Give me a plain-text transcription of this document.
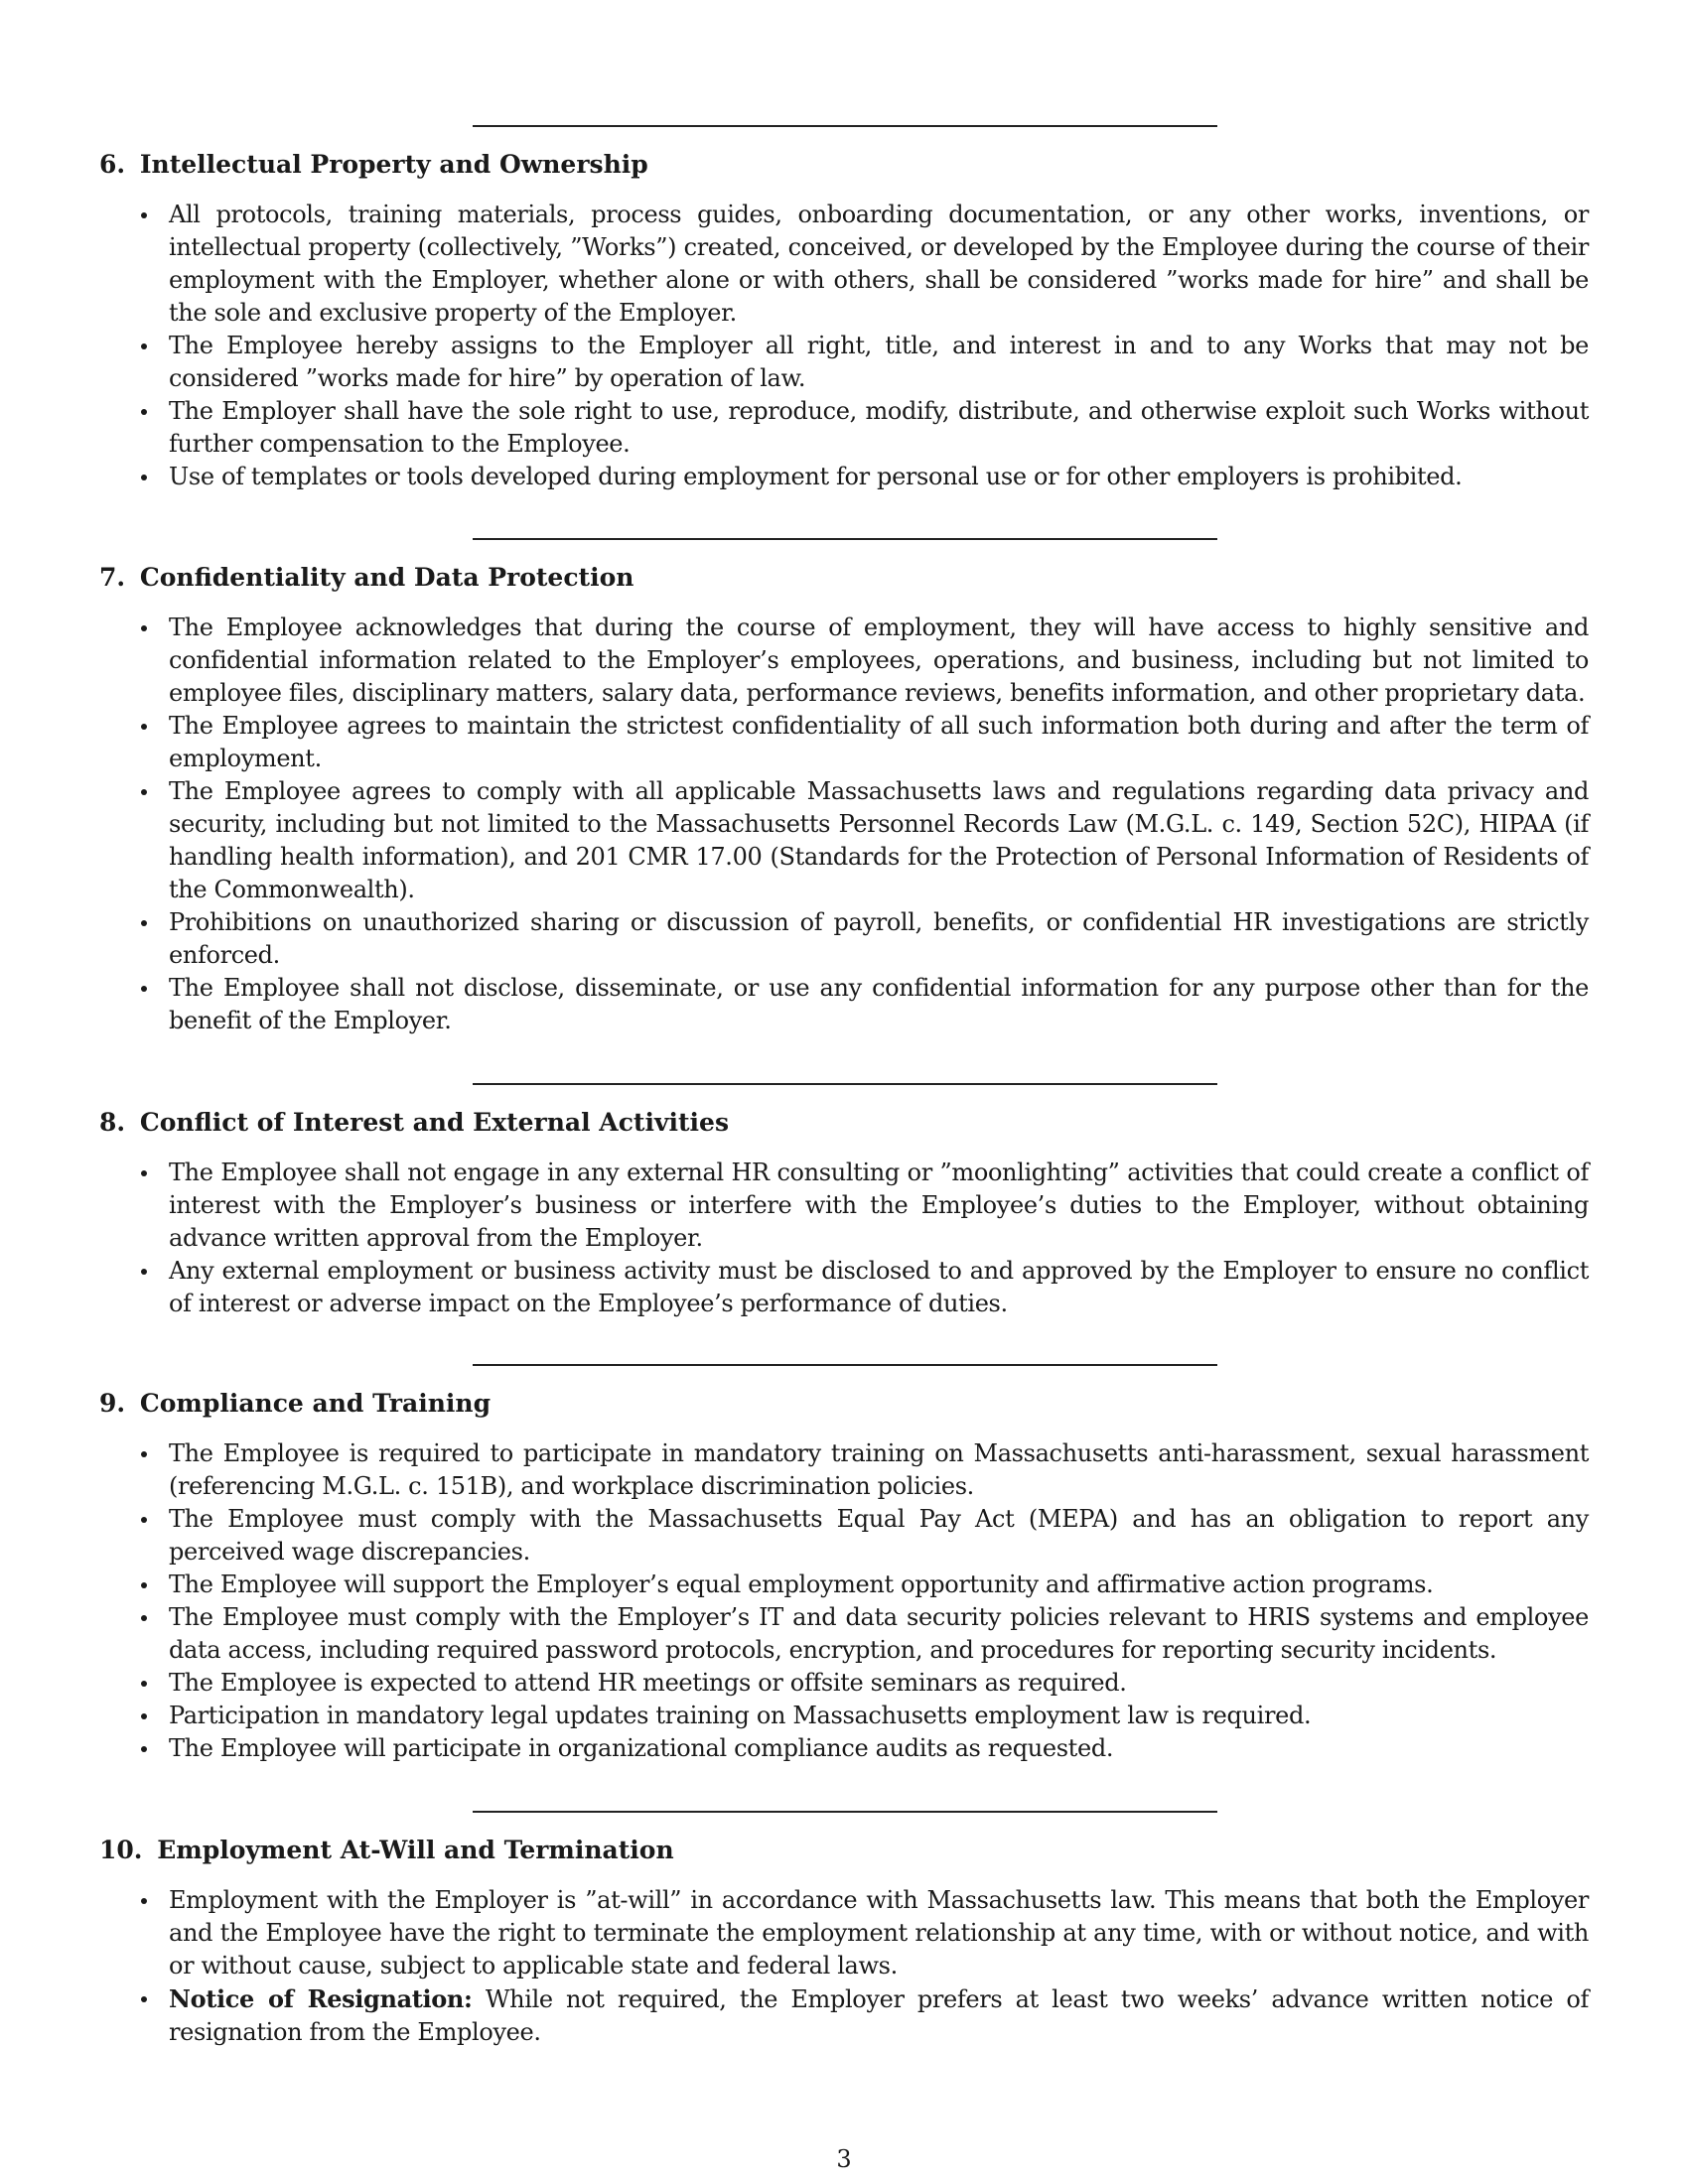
6. Intellectual Property and Ownership
All protocols, training materials, process guides, onboarding documentation, or any other works, inventions, or intellectual property (collectively, ”Works”) created, conceived, or developed by the Employee during the course of their employment with the Employer, whether alone or with others, shall be considered ”works made for hire” and shall be the sole and exclusive property of the Employer.
The Employee hereby assigns to the Employer all right, title, and interest in and to any Works that may not be considered ”works made for hire” by operation of law.
The Employer shall have the sole right to use, reproduce, modify, distribute, and otherwise exploit such Works without further compensation to the Employee.
Use of templates or tools developed during employment for personal use or for other employers is prohibited.
7. Confidentiality and Data Protection
The Employee acknowledges that during the course of employment, they will have access to highly sensitive and confidential information related to the Employer’s employees, operations, and business, including but not limited to employee files, disciplinary matters, salary data, performance reviews, benefits information, and other proprietary data.
The Employee agrees to maintain the strictest confidentiality of all such information both during and after the term of employment.
The Employee agrees to comply with all applicable Massachusetts laws and regulations regarding data privacy and security, including but not limited to the Massachusetts Personnel Records Law (M.G.L. c. 149, Section 52C), HIPAA (if handling health information), and 201 CMR 17.00 (Standards for the Protection of Personal Information of Residents of the Commonwealth).
Prohibitions on unauthorized sharing or discussion of payroll, benefits, or confidential HR investigations are strictly enforced.
The Employee shall not disclose, disseminate, or use any confidential information for any purpose other than for the benefit of the Employer.
8. Conflict of Interest and External Activities
The Employee shall not engage in any external HR consulting or ”moonlighting” activities that could create a conflict of interest with the Employer’s business or interfere with the Employee’s duties to the Employer, without obtaining advance written approval from the Employer.
Any external employment or business activity must be disclosed to and approved by the Employer to ensure no conflict of interest or adverse impact on the Employee’s performance of duties.
9. Compliance and Training
The Employee is required to participate in mandatory training on Massachusetts anti-harassment, sexual harassment (referencing M.G.L. c. 151B), and workplace discrimination policies.
The Employee must comply with the Massachusetts Equal Pay Act (MEPA) and has an obligation to report any perceived wage discrepancies.
The Employee will support the Employer’s equal employment opportunity and affirmative action programs.
The Employee must comply with the Employer’s IT and data security policies relevant to HRIS systems and employee data access, including required password protocols, encryption, and procedures for reporting security incidents.
The Employee is expected to attend HR meetings or offsite seminars as required.
Participation in mandatory legal updates training on Massachusetts employment law is required.
The Employee will participate in organizational compliance audits as requested.
10. Employment At-Will and Termination
Employment with the Employer is ”at-will” in accordance with Massachusetts law. This means that both the Employer and the Employee have the right to terminate the employment relationship at any time, with or without notice, and with or without cause, subject to applicable state and federal laws.
Notice of Resignation: While not required, the Employer prefers at least two weeks’ advance written notice of resignation from the Employee.
3
